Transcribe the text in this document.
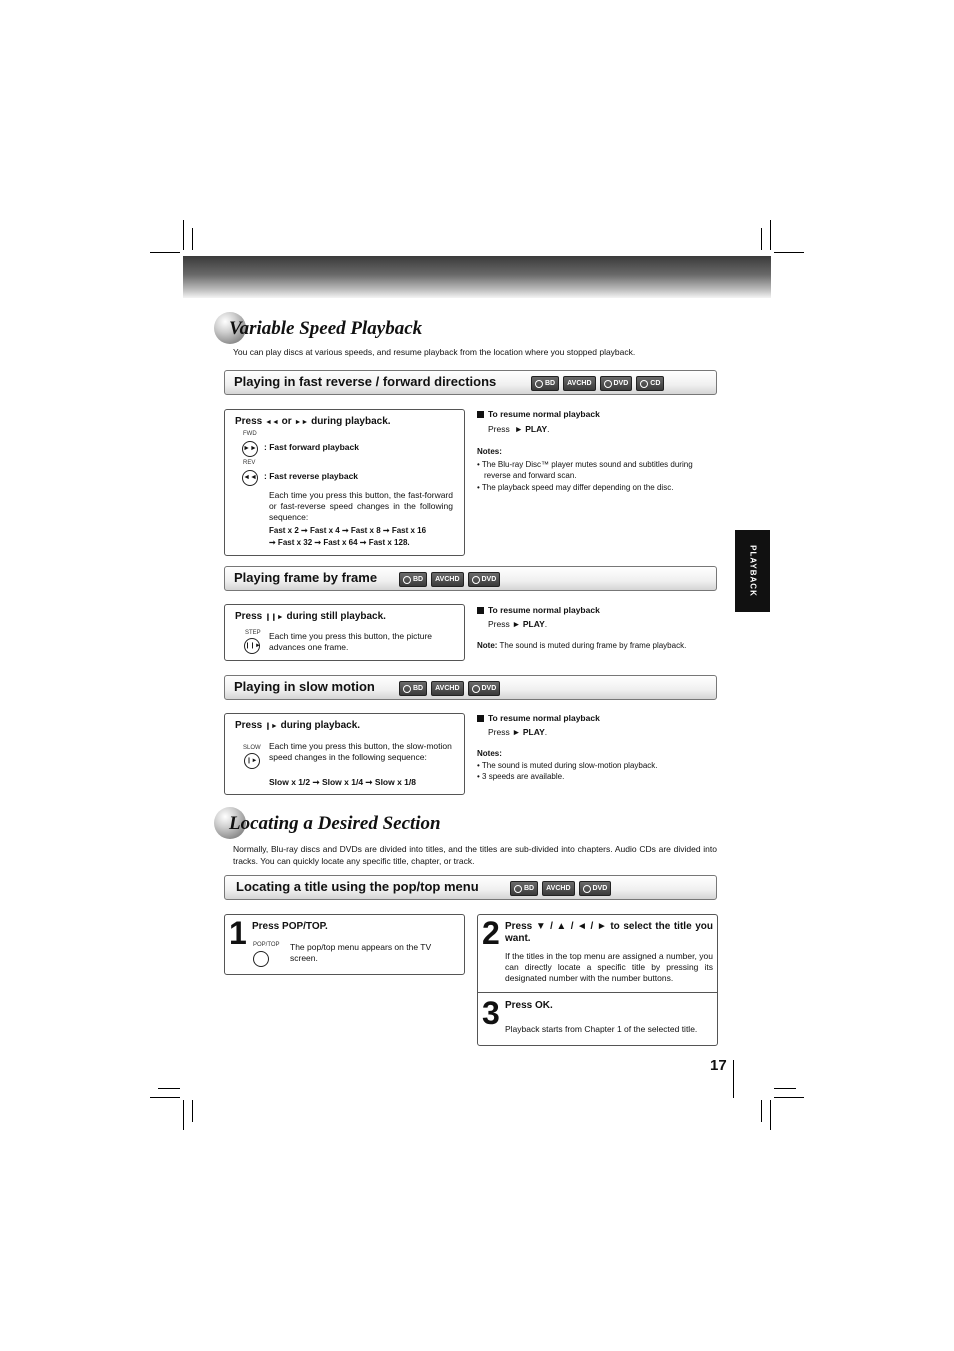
PLAYBACK
Variable Speed Playback
You can play discs at various speeds, and resume playback from the location where you stopped playback.
Playing in fast reverse / forward directions	BD AVCHD	DVD	CD
Press ◄◄ or ►► during playback.
FWD
►► : Fast forward playback
REV
◄◄ : Fast reverse playback
Each time you press this button, the fast-forward or fast-reverse speed changes in the following sequence:
Fast x 2 ➞ Fast x 4 ➞ Fast x 8 ➞ Fast x 16
➞ Fast x 32 ➞ Fast x 64 ➞ Fast x 128.
To resume normal playback
Press ► PLAY.
Notes:
• The Blu-ray Disc™ player mutes sound and subtitles during
reverse and forward scan.
• The playback speed may differ depending on the disc.
Playing frame by frame	BD AVCHD	DVD
Press ❙❙► during still playback.
STEP
❙❙►
Each time you press this button, the picture advances one frame.
To resume normal playback
Press ► PLAY.
Note: The sound is muted during frame by frame playback.
Playing in slow motion	BD AVCHD	DVD
Press ❙► during playback.
SLOW
❙►
Each time you press this button, the slow-motion speed changes in the following sequence:
Slow x 1/2 ➞ Slow x 1/4 ➞ Slow x 1/8
To resume normal playback
Press ► PLAY.
Notes:
• The sound is muted during slow-motion playback.
• 3 speeds are available.
Locating a Desired Section
Normally, Blu-ray discs and DVDs are divided into titles, and the titles are sub-divided into chapters. Audio CDs are divided into tracks. You can quickly locate any specific title, chapter, or track.
Locating a title using the pop/top menu	BD AVCHD	DVD
1 Press POP/TOP.
POP/TOP The pop/top menu appears on the TV screen.
2 Press ▼ / ▲ / ◄ / ► to select the title you want.
If the titles in the top menu are assigned a number, you can directly locate a specific title by pressing its designated number with the number buttons.
3 Press OK.
Playback starts from Chapter 1 of the selected title.
17
